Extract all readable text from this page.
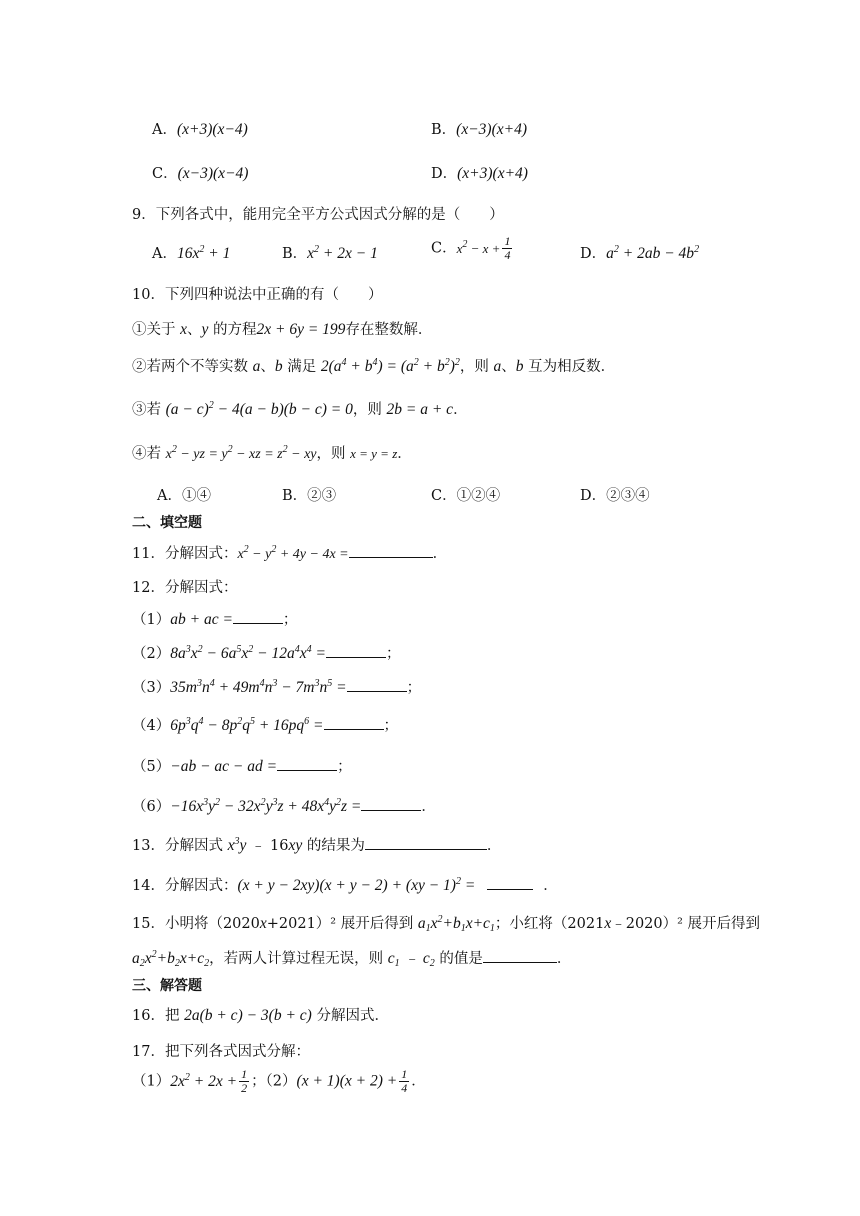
A．(x+3)(x−4)	B．(x−3)(x+4)
C．(x−3)(x−4)	D．(x+3)(x+4)
9．下列各式中，能用完全平方公式因式分解的是（　　）
A．$16x^2 + 1$	B．$x^2 + 2x - 1$	C．$x^2 - x + \frac{1}{4}$	D．$a^2 + 2ab - 4b^2$
10．下列四种说法中正确的有（　　）
①关于 x、y 的方程2x + 6y = 199存在整数解．
②若两个不等实数 a、b 满足 $2(a^4 + b^4) = (a^2 + b^2)^2$，则 a、b 互为相反数．
③若 $(a - c)^2 - 4(a - b)(b - c) = 0$，则 2b = a + c．
④若 $x^2$ − yz = $y^2$ − xz = $z^2$ − xy，则 x = y = z．
A．①④	B．②③	C．①②④	D．②③④
二、填空题
11．分解因式：$x^2 - y^2 + 4y - 4x$ =	．
12．分解因式：
（1）ab + ac =	；
$(2)8a^3x^2 - 6a^5x^2 - 12a^4x^4$ =	；
$(3)35m^3n^4 + 49m^4n^3 - 7m^3n^5$ =	；
$(4)6p^3q^4 - 8p^2q^5 + 16pq^6$ =	；
（5）−ab − ac − ad =	；
$(6)-16x^3y^2 - 32x^2y^3z + 48x^4y^2z$ =	．
13．分解因式 $x^3y$ ﹣ 16xy 的结果为	．
14．分解因式：(x + y − 2xy)(x + y − 2) + (xy − 1)$^2$ =	．
15．小明将（2020x+2021）² 展开后得到 $a_1x^2+b_1x+c_1$；小红将（2021x﹣2020）² 展开后得到
$a_2x^2+b_2x+c_2$，若两人计算过程无误，则 $c_1$ ﹣ $c_2$ 的值是	．
三、解答题
16．把 2a(b + c) − 3(b + c) 分解因式．
17．把下列各式因式分解：
$(1)2x^2 + 2x + \frac{1}{2}$ ；$(2)(x + 1)(x + 2) + \frac{1}{4}$ ．
